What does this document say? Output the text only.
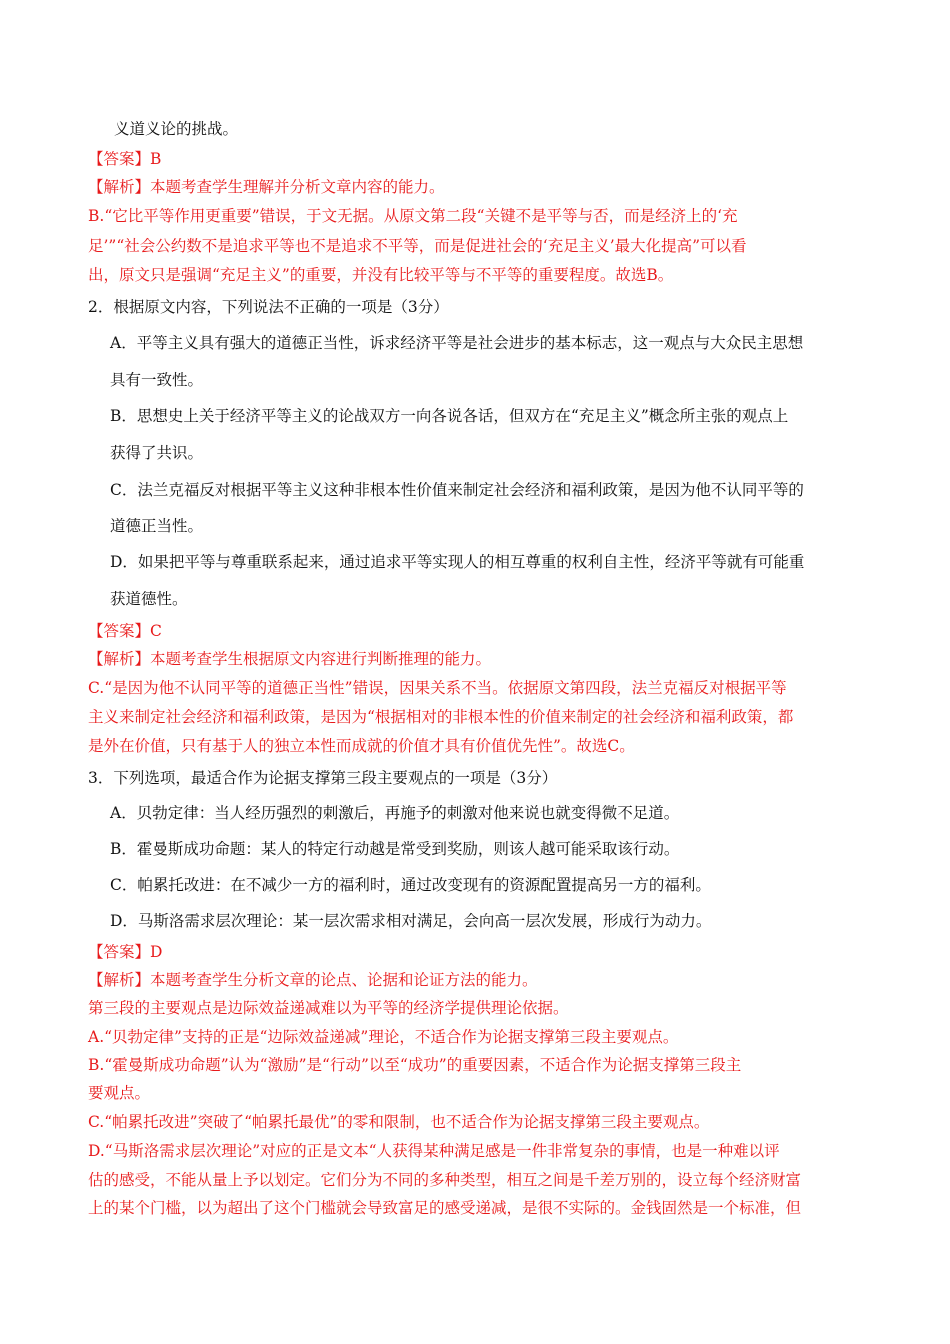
义道义论的挑战。
【答案】B
【解析】本题考查学生理解并分析文章内容的能力。
B.“它比平等作用更重要”错误，于文无据。从原文第二段“关键不是平等与否，而是经济上的‘充
足’”“社会公约数不是追求平等也不是追求不平等，而是促进社会的‘充足主义’最大化提高”可以看
出，原文只是强调“充足主义”的重要，并没有比较平等与不平等的重要程度。故选B。
2．根据原文内容，下列说法不正确的一项是（3分）
A．平等主义具有强大的道德正当性，诉求经济平等是社会进步的基本标志，这一观点与大众民主思想
具有一致性。
B．思想史上关于经济平等主义的论战双方一向各说各话，但双方在“充足主义”概念所主张的观点上
获得了共识。
C．法兰克福反对根据平等主义这种非根本性价值来制定社会经济和福利政策，是因为他不认同平等的
道德正当性。
D．如果把平等与尊重联系起来，通过追求平等实现人的相互尊重的权利自主性，经济平等就有可能重
获道德性。
【答案】C
【解析】本题考查学生根据原文内容进行判断推理的能力。
C.“是因为他不认同平等的道德正当性”错误，因果关系不当。依据原文第四段，法兰克福反对根据平等
主义来制定社会经济和福利政策，是因为“根据相对的非根本性的价值来制定的社会经济和福利政策，都
是外在价值，只有基于人的独立本性而成就的价值才具有价值优先性”。故选C。
3．下列选项，最适合作为论据支撑第三段主要观点的一项是（3分）
A．贝勃定律：当人经历强烈的刺激后，再施予的刺激对他来说也就变得微不足道。
B．霍曼斯成功命题：某人的特定行动越是常受到奖励，则该人越可能采取该行动。
C．帕累托改进：在不减少一方的福利时，通过改变现有的资源配置提高另一方的福利。
D．马斯洛需求层次理论：某一层次需求相对满足，会向高一层次发展，形成行为动力。
【答案】D
【解析】本题考查学生分析文章的论点、论据和论证方法的能力。
第三段的主要观点是边际效益递减难以为平等的经济学提供理论依据。
A.“贝勃定律”支持的正是“边际效益递减”理论，不适合作为论据支撑第三段主要观点。
B.“霍曼斯成功命题”认为“激励”是“行动”以至“成功”的重要因素，不适合作为论据支撑第三段主
要观点。
C.“帕累托改进”突破了“帕累托最优”的零和限制，也不适合作为论据支撑第三段主要观点。
D.“马斯洛需求层次理论”对应的正是文本“人获得某种满足感是一件非常复杂的事情，也是一种难以评
估的感受，不能从量上予以划定。它们分为不同的多种类型，相互之间是千差万别的，设立每个经济财富
上的某个门槛，以为超出了这个门槛就会导致富足的感受递减，是很不实际的。金钱固然是一个标准，但
